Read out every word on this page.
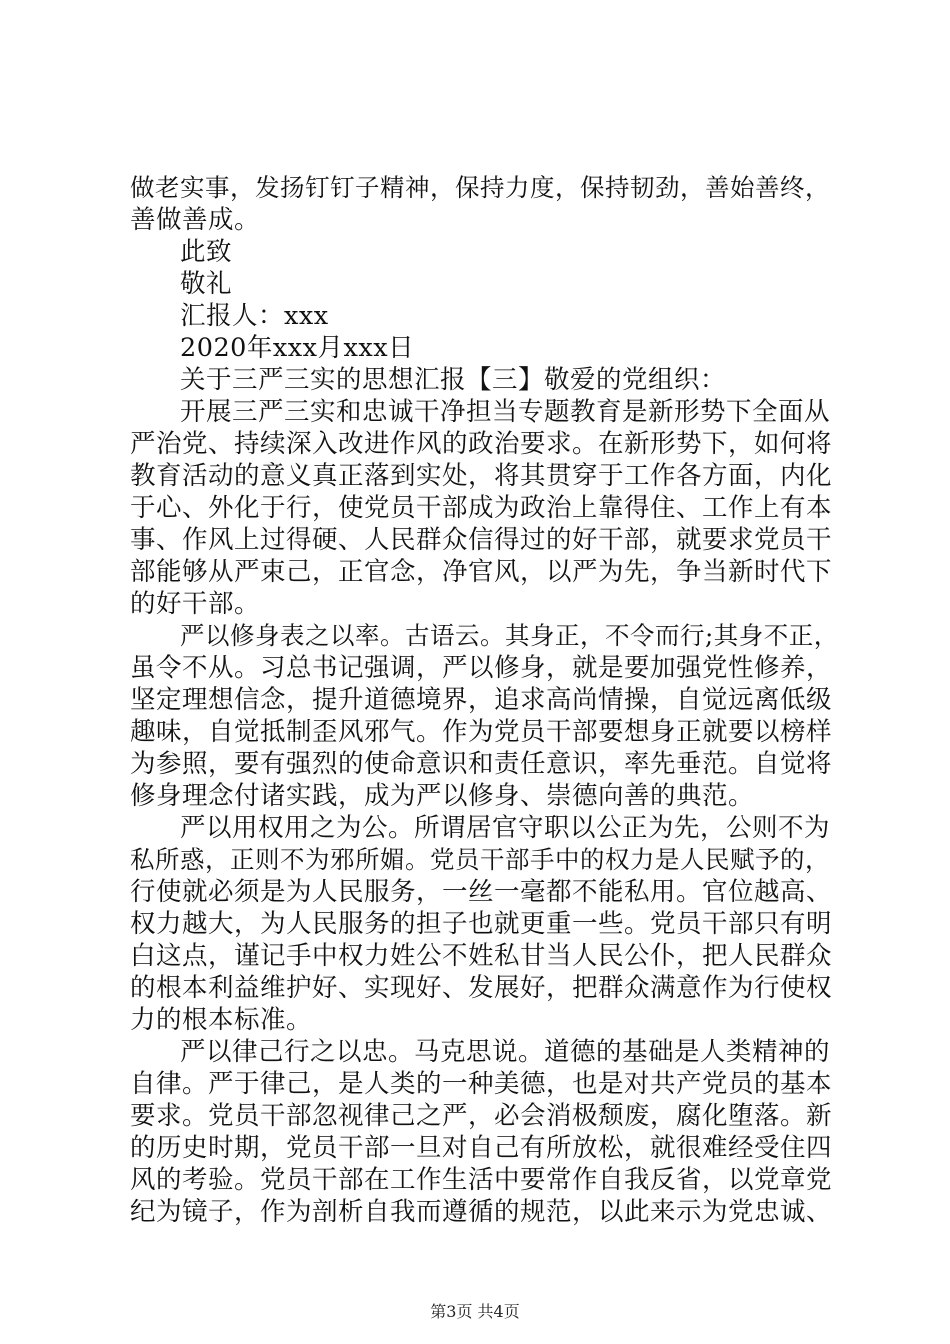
做老实事，发扬钉钉子精神，保持力度，保持韧劲，善始善终，
善做善成。
此致
敬礼
汇报人：xxx
2020年xxx月xxx日
关于三严三实的思想汇报【三】敬爱的党组织：
开展三严三实和忠诚干净担当专题教育是新形势下全面从
严治党、持续深入改进作风的政治要求。在新形势下，如何将
教育活动的意义真正落到实处，将其贯穿于工作各方面，内化
于心、外化于行，使党员干部成为政治上靠得住、工作上有本
事、作风上过得硬、人民群众信得过的好干部，就要求党员干
部能够从严束己，正官念，净官风，以严为先，争当新时代下
的好干部。
严以修身表之以率。古语云。其身正，不令而行;其身不正，
虽令不从。习总书记强调，严以修身，就是要加强党性修养，
坚定理想信念，提升道德境界，追求高尚情操，自觉远离低级
趣味，自觉抵制歪风邪气。作为党员干部要想身正就要以榜样
为参照，要有强烈的使命意识和责任意识，率先垂范。自觉将
修身理念付诸实践，成为严以修身、崇德向善的典范。
严以用权用之为公。所谓居官守职以公正为先，公则不为
私所惑，正则不为邪所媚。党员干部手中的权力是人民赋予的，
行使就必须是为人民服务，一丝一毫都不能私用。官位越高、
权力越大，为人民服务的担子也就更重一些。党员干部只有明
白这点，谨记手中权力姓公不姓私甘当人民公仆，把人民群众
的根本利益维护好、实现好、发展好，把群众满意作为行使权
力的根本标准。
严以律己行之以忠。马克思说。道德的基础是人类精神的
自律。严于律己，是人类的一种美德，也是对共产党员的基本
要求。党员干部忽视律己之严，必会消极颓废，腐化堕落。新
的历史时期，党员干部一旦对自己有所放松，就很难经受住四
风的考验。党员干部在工作生活中要常作自我反省，以党章党
纪为镜子，作为剖析自我而遵循的规范，以此来示为党忠诚、
第3页 共4页
